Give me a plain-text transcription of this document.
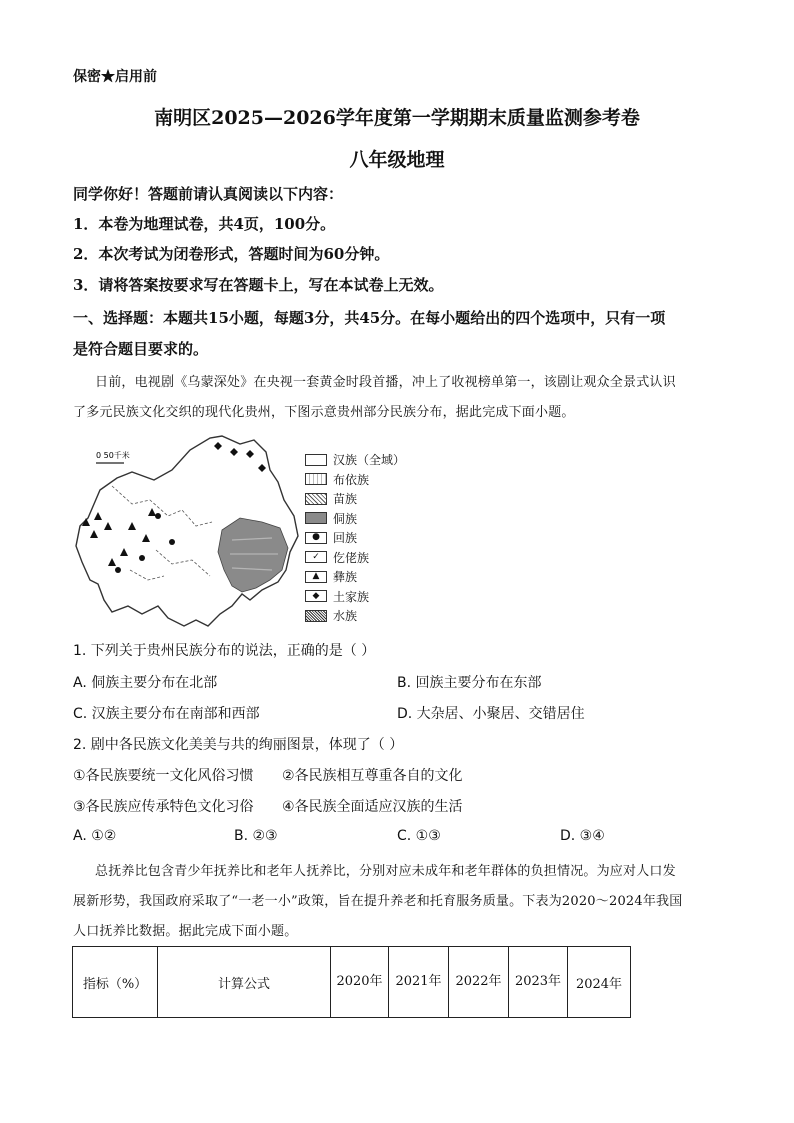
保密★启用前
南明区2025—2026学年度第一学期期末质量监测参考卷
八年级地理
同学你好！答题前请认真阅读以下内容：
1．本卷为地理试卷，共4页，100分。
2．本次考试为闭卷形式，答题时间为60分钟。
3．请将答案按要求写在答题卡上，写在本试卷上无效。
一、选择题：本题共15小题，每题3分，共45分。在每小题给出的四个选项中，只有一项
是符合题目要求的。
日前，电视剧《乌蒙深处》在央视一套黄金时段首播，冲上了收视榜单第一，该剧让观众全景式认识
了多元民族文化交织的现代化贵州，下图示意贵州部分民族分布，据此完成下面小题。
0 50千米	汉族（全域）
布依族
苗族
侗族
●	回族
✓	仡佬族
▲	彝族
◆	土家族
水族
1. 下列关于贵州民族分布的说法，正确的是（ ）
A. 侗族主要分布在北部	B. 回族主要分布在东部
C. 汉族主要分布在南部和西部	D. 大杂居、小聚居、交错居住
2. 剧中各民族文化美美与共的绚丽图景，体现了（ ）
①各民族要统一文化风俗习惯 ②各民族相互尊重各自的文化
③各民族应传承特色文化习俗 ④各民族全面适应汉族的生活
A. ①②	B. ②③	C. ①③	D. ③④
总抚养比包含青少年抚养比和老年人抚养比，分别对应未成年和老年群体的负担情况。为应对人口发
展新形势，我国政府采取了“一老一小”政策，旨在提升养老和托育服务质量。下表为2020～2024年我国
人口抚养比数据。据此完成下面小题。
指标（%）	计算公式	2020年	2021年	2022年	2023年	2024年
